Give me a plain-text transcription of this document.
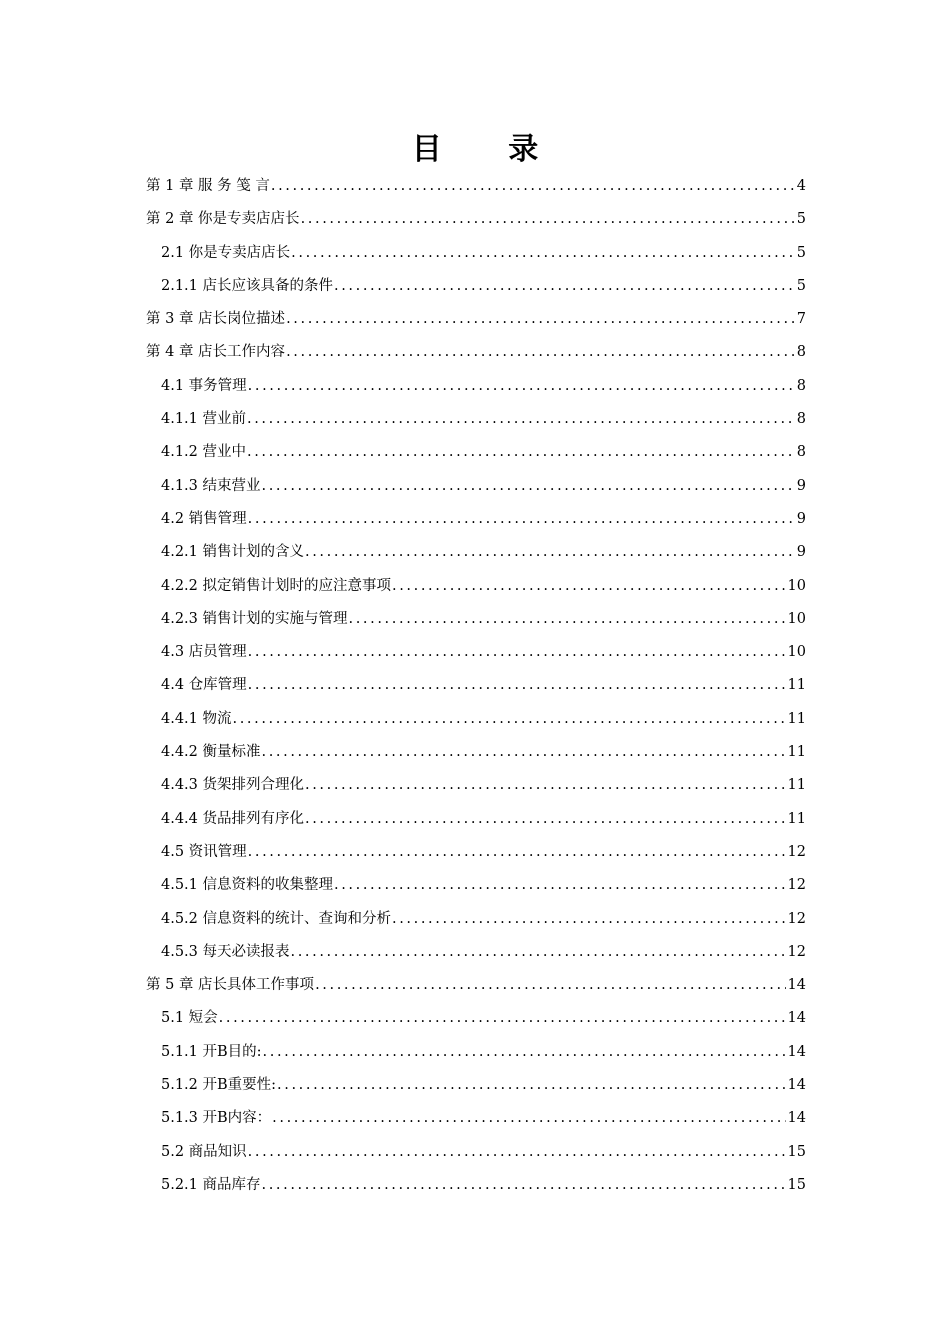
目 录
第 1 章 服 务 笺 言 .....	4
第 2 章 你是专卖店店长 .....	5
2.1 你是专卖店店长 .....	5
2.1.1 店长应该具备的条件 .....	5
第 3 章 店长岗位描述 .....	7
第 4 章 店长工作内容 .....	8
4.1 事务管理 .....	8
4.1.1 营业前 .....	8
4.1.2 营业中 .....	8
4.1.3 结束营业 .....	9
4.2 销售管理 .....	9
4.2.1 销售计划的含义 .....	9
4.2.2 拟定销售计划时的应注意事项 .....	10
4.2.3 销售计划的实施与管理 .....	10
4.3 店员管理 .....	10
4.4 仓库管理 .....	11
4.4.1 物流 .....	11
4.4.2 衡量标准 .....	11
4.4.3 货架排列合理化 .....	11
4.4.4 货品排列有序化 .....	11
4.5 资讯管理 .....	12
4.5.1 信息资料的收集整理 .....	12
4.5.2 信息资料的统计、查询和分析 .....	12
4.5.3 每天必读报表 .....	12
第 5 章 店长具体工作事项 .....	14
5.1 短会 .....	14
5.1.1 开B目的: .....	14
5.1.2 开B重要性: .....	14
5.1.3 开B内容： .....	14
5.2 商品知识 .....	15
5.2.1 商品库存 .....	15
